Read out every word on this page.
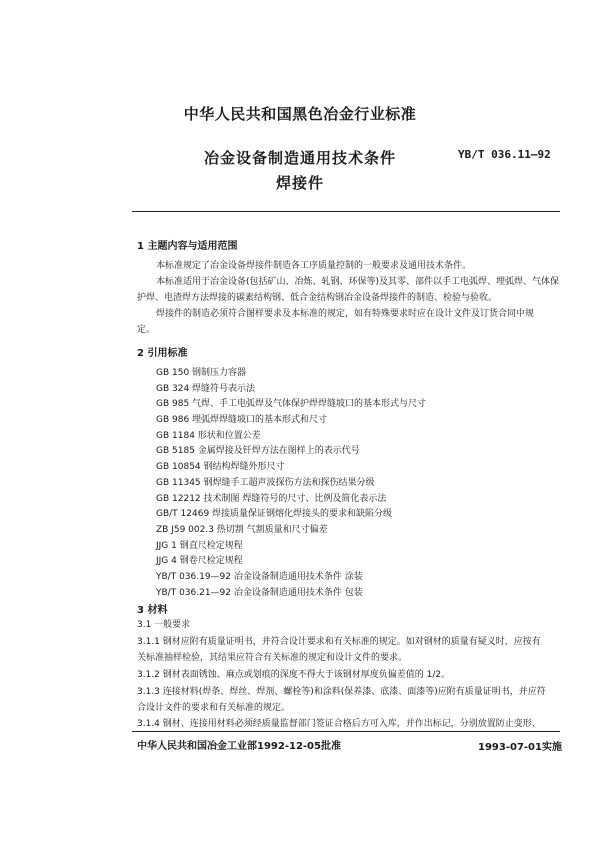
中华人民共和国黑色冶金行业标准
冶金设备制造通用技术条件
焊接件
YB/T 036.11—92
1 主题内容与适用范围
本标准规定了冶金设备焊接件制造各工序质量控制的一般要求及通用技术条件。
本标准适用于冶金设备(包括矿山、冶炼、轧钢、环保等)及其零、部件以手工电弧焊、埋弧焊、气体保
护焊、电渣焊方法焊接的碳素结构钢、低合金结构钢冶金设备焊接件的制造、检验与验收。
焊接件的制造必须符合图样要求及本标准的规定，如有特殊要求时应在设计文件及订货合同中规
定。
2 引用标准
GB 150 钢制压力容器
GB 324 焊缝符号表示法
GB 985 气焊、手工电弧焊及气体保护焊焊缝坡口的基本形式与尺寸
GB 986 埋弧焊焊缝坡口的基本形式和尺寸
GB 1184 形状和位置公差
GB 5185 金属焊接及钎焊方法在图样上的表示代号
GB 10854 钢结构焊缝外形尺寸
GB 11345 钢焊缝手工超声波探伤方法和探伤结果分级
GB 12212 技术制图 焊缝符号的尺寸、比例及简化表示法
GB/T 12469 焊接质量保证钢熔化焊接头的要求和缺陷分级
ZB J59 002.3 热切割 气割质量和尺寸偏差
JJG 1 钢直尺检定规程
JJG 4 钢卷尺检定规程
YB/T 036.19—92 冶金设备制造通用技术条件 涂装
YB/T 036.21—92 冶金设备制造通用技术条件 包装
3 材料
3.1 一般要求
3.1.1 钢材应附有质量证明书，并符合设计要求和有关标准的规定。如对钢材的质量有疑义时，应按有
关标准抽样检验，其结果应符合有关标准的规定和设计文件的要求。
3.1.2 钢材表面锈蚀、麻点或划痕的深度不得大于该钢材厚度负偏差值的 1/2。
3.1.3 连接材料(焊条、焊丝、焊剂、螺栓等)和涂料(保养漆、底漆、面漆等)应附有质量证明书，并应符
合设计文件的要求和有关标准的规定。
3.1.4 钢材、连接用材料必须经质量监督部门签证合格后方可入库，并作出标记，分别放置防止变形、
中华人民共和国冶金工业部1992-12-05批准	1993-07-01实施
